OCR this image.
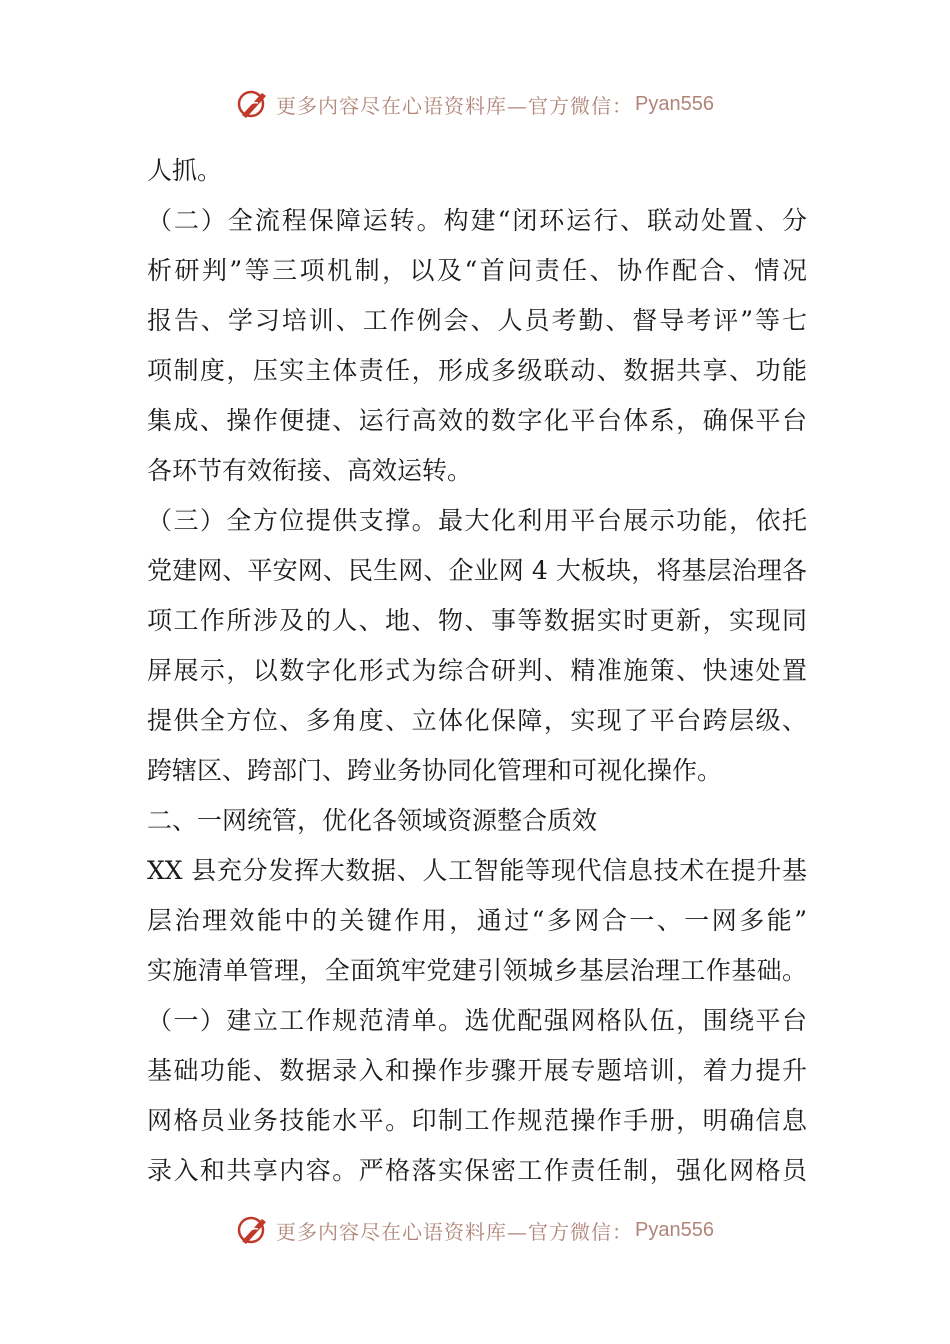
更多内容尽在心语资料库—官方微信： Pyan556
人抓。
（二）全流程保障运转。构建“闭环运行、联动处置、分
析研判”等三项机制，以及“首问责任、协作配合、情况
报告、学习培训、工作例会、人员考勤、督导考评”等七
项制度，压实主体责任，形成多级联动、数据共享、功能
集成、操作便捷、运行高效的数字化平台体系，确保平台
各环节有效衔接、高效运转。
（三）全方位提供支撑。最大化利用平台展示功能，依托
党建网、平安网、民生网、企业网 4 大板块，将基层治理各
项工作所涉及的人、地、物、事等数据实时更新，实现同
屏展示，以数字化形式为综合研判、精准施策、快速处置
提供全方位、多角度、立体化保障，实现了平台跨层级、
跨辖区、跨部门、跨业务协同化管理和可视化操作。
二、一网统管，优化各领域资源整合质效
XX 县充分发挥大数据、人工智能等现代信息技术在提升基
层治理效能中的关键作用，通过“多网合一、一网多能”
实施清单管理，全面筑牢党建引领城乡基层治理工作基础。
（一）建立工作规范清单。选优配强网格队伍，围绕平台
基础功能、数据录入和操作步骤开展专题培训，着力提升
网格员业务技能水平。印制工作规范操作手册，明确信息
录入和共享内容。严格落实保密工作责任制，强化网格员
更多内容尽在心语资料库—官方微信： Pyan556
